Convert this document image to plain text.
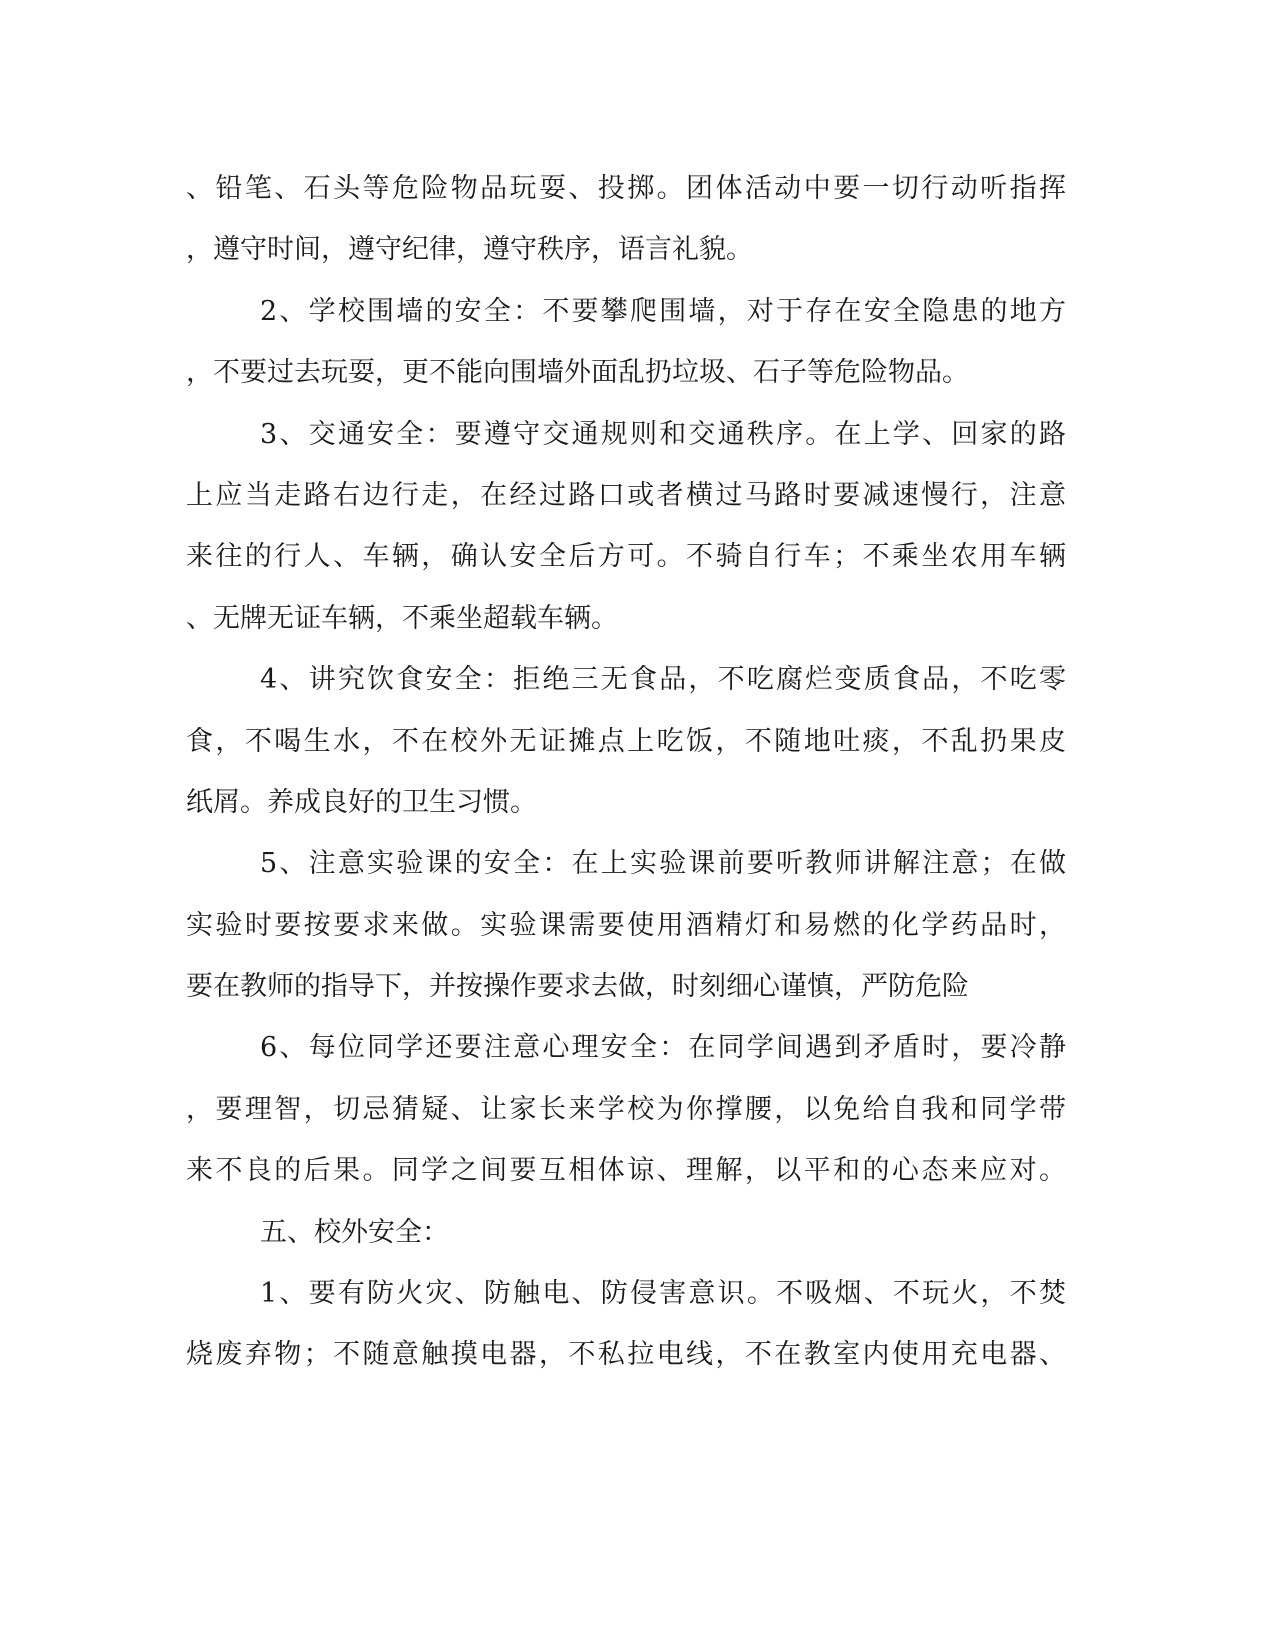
、铅笔、石头等危险物品玩耍、投掷。团体活动中要一切行动听指挥
，遵守时间，遵守纪律，遵守秩序，语言礼貌。
2、学校围墙的安全：不要攀爬围墙，对于存在安全隐患的地方
，不要过去玩耍，更不能向围墙外面乱扔垃圾、石子等危险物品。
3、交通安全：要遵守交通规则和交通秩序。在上学、回家的路
上应当走路右边行走，在经过路口或者横过马路时要减速慢行，注意
来往的行人、车辆，确认安全后方可。不骑自行车；不乘坐农用车辆
、无牌无证车辆，不乘坐超载车辆。
4、讲究饮食安全：拒绝三无食品，不吃腐烂变质食品，不吃零
食，不喝生水，不在校外无证摊点上吃饭，不随地吐痰，不乱扔果皮
纸屑。养成良好的卫生习惯。
5、注意实验课的安全：在上实验课前要听教师讲解注意；在做
实验时要按要求来做。实验课需要使用酒精灯和易燃的化学药品时，
要在教师的指导下，并按操作要求去做，时刻细心谨慎，严防危险
6、每位同学还要注意心理安全：在同学间遇到矛盾时，要冷静
，要理智，切忌猜疑、让家长来学校为你撑腰，以免给自我和同学带
来不良的后果。同学之间要互相体谅、理解，以平和的心态来应对。
五、校外安全：
1、要有防火灾、防触电、防侵害意识。不吸烟、不玩火，不焚
烧废弃物；不随意触摸电器，不私拉电线，不在教室内使用充电器、
